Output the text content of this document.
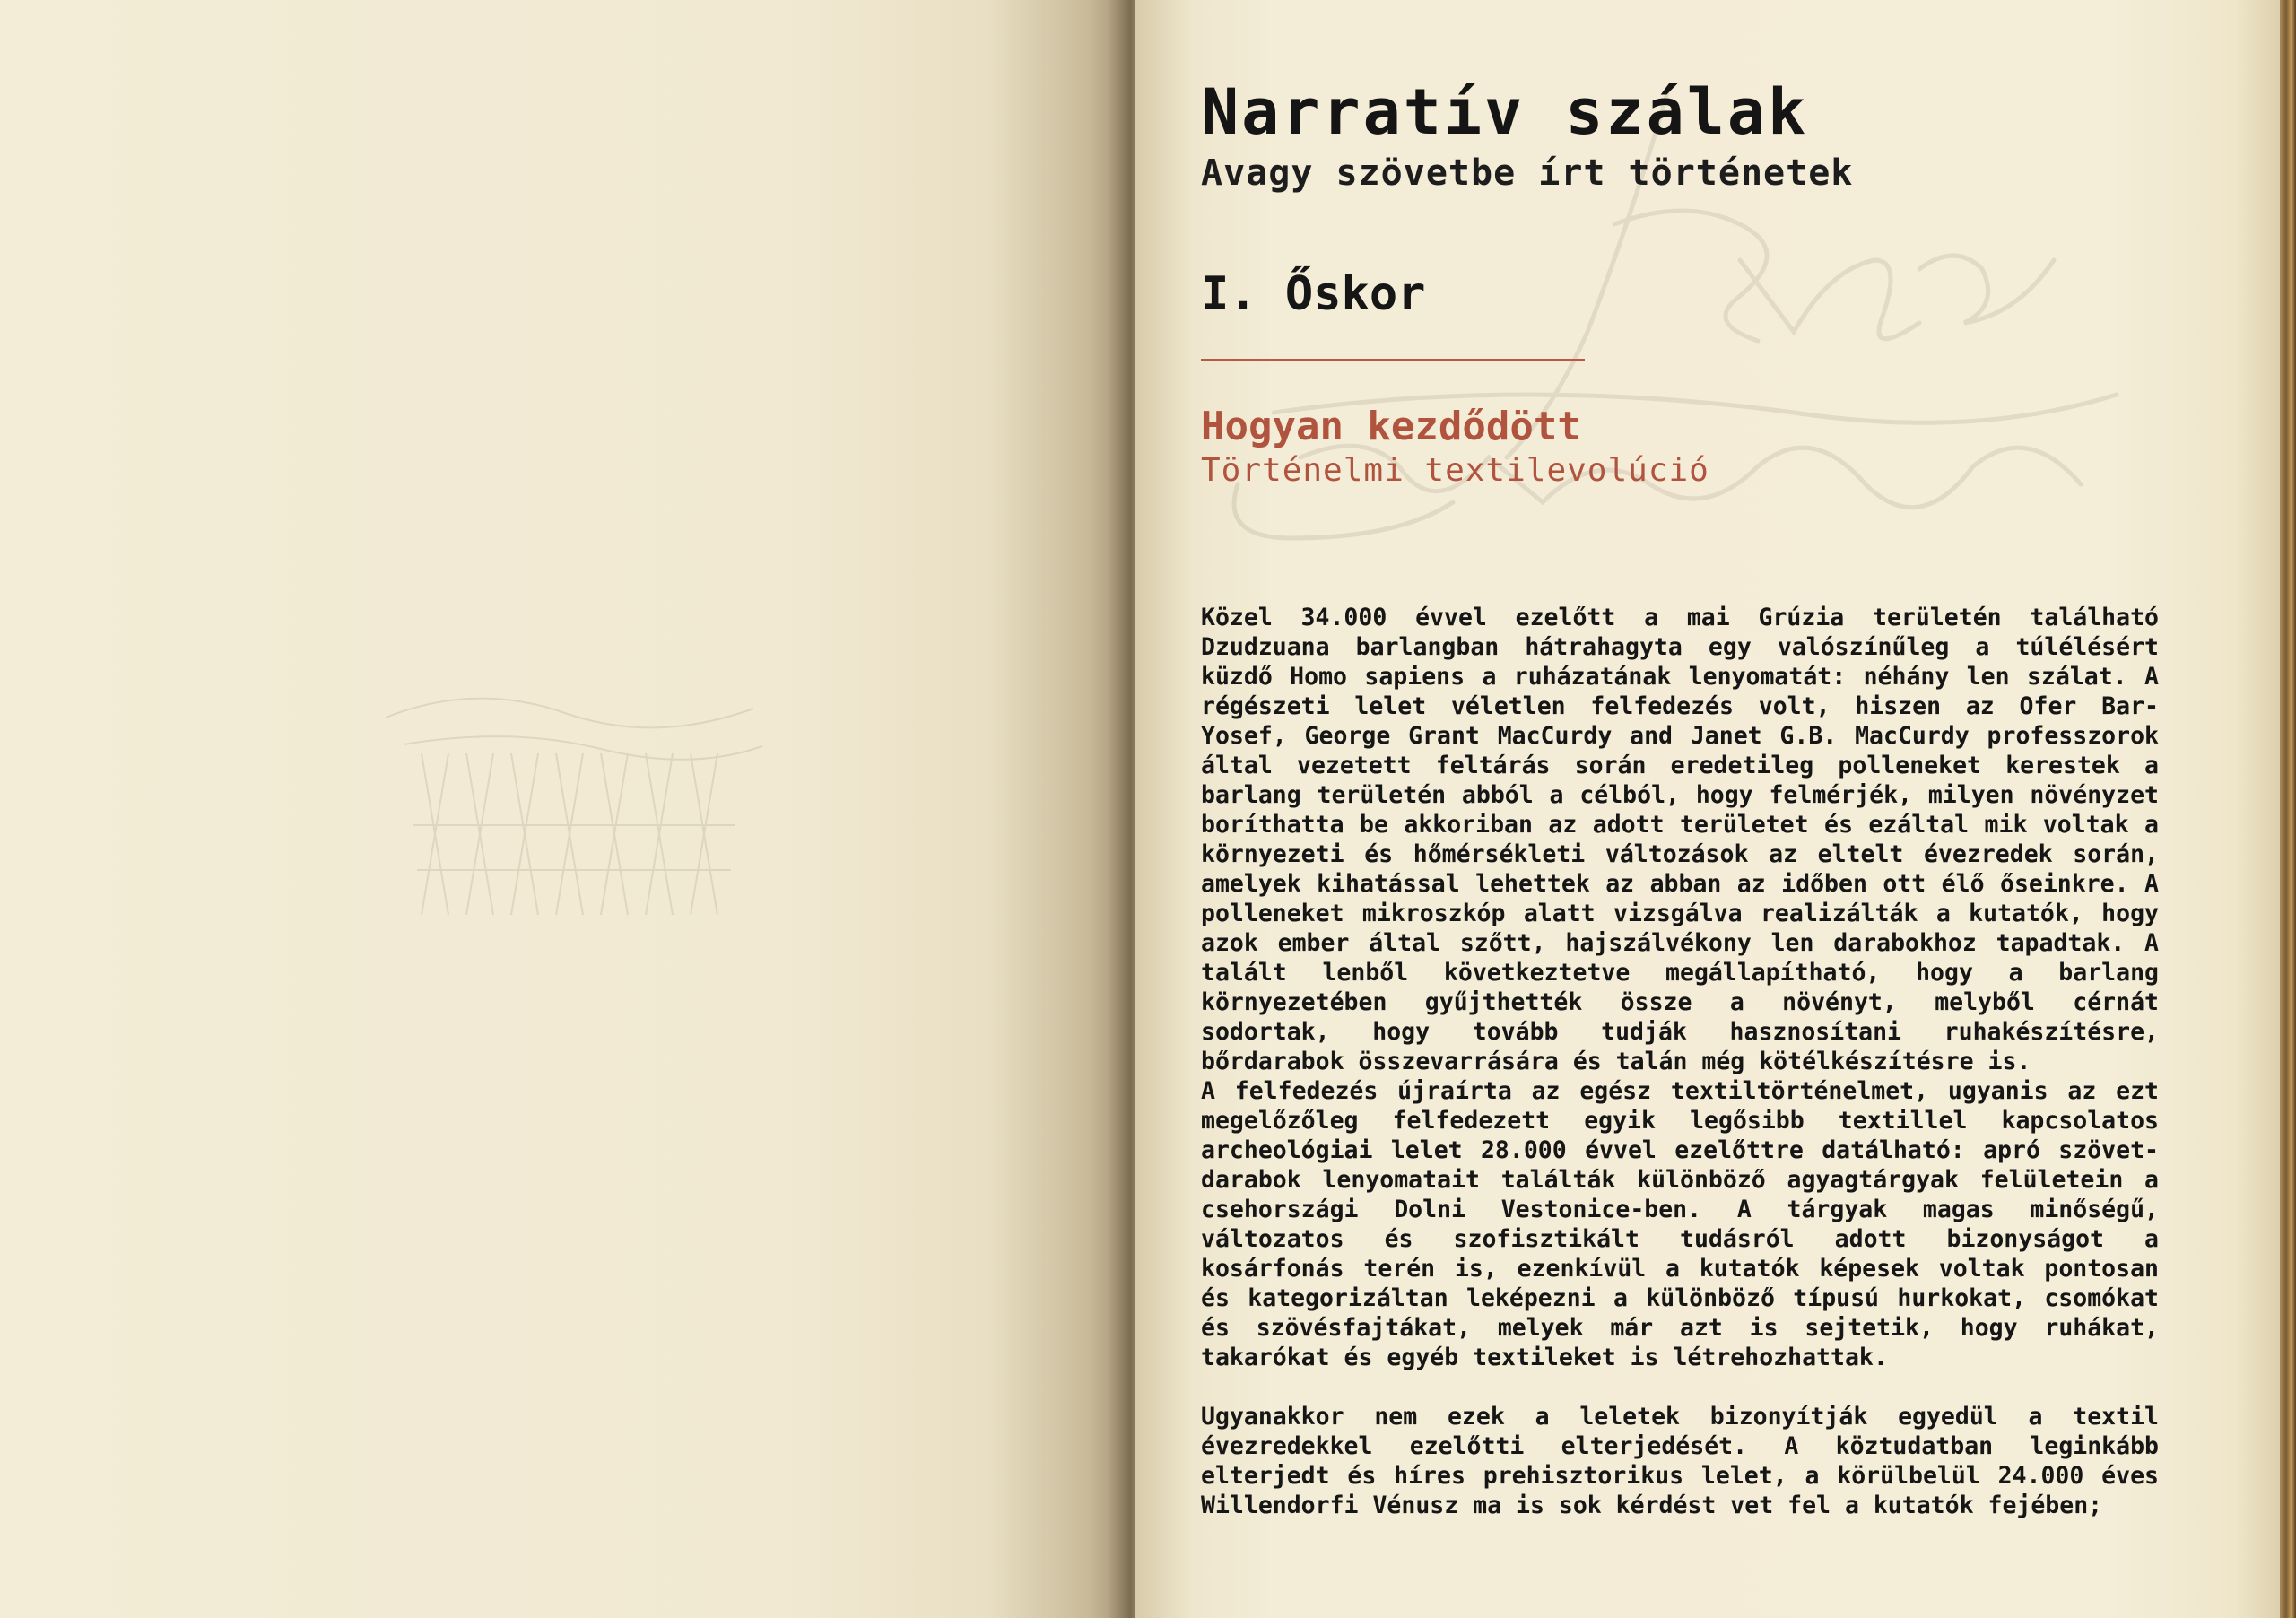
Narratív szálak
Avagy szövetbe írt történetek
I. Őskor
Hogyan kezdődött

Történelmi textilevolúció

Közel 34.000 évvel ezelőtt a mai Grúzia területén található Dzudzuana barlangban hátrahagyta egy valószínűleg a túlélésért küzdő Homo sapiens a ruházatának lenyomatát: néhány len szálat. A régészeti lelet véletlen felfedezés volt, hiszen az Ofer Bar-Yosef, George Grant MacCurdy and Janet G.B. MacCurdy professzorok által vezetett feltárás során eredetileg polleneket kerestek a barlang területén abból a célból, hogy felmérjék, milyen növényzet boríthatta be akkoriban az adott területet és ezáltal mik voltak a környezeti és hőmérsékleti változások az eltelt évezredek során, amelyek kihatással lehettek az abban az időben ott élő őseinkre. A polleneket mikroszkóp alatt vizsgálva realizálták a kutatók, hogy azok ember által szőtt, hajszálvékony len darabokhoz tapadtak. A talált lenből következtetve megállapítható, hogy a barlang környezetében gyűjthették össze a növényt, melyből cérnát sodortak, hogy tovább tudják hasznosítani ruhakészítésre, bőrdarabok összevarrására és talán még kötélkészítésre is.

A felfedezés újraírta az egész textiltörténelmet, ugyanis az ezt megelőzőleg felfedezett egyik legősibb textillel kapcsolatos archeológiai lelet 28.000 évvel ezelőttre datálható: apró szövet-darabok lenyomatait találták különböző agyagtárgyak felületein a csehországi Dolni Vestonice-ben. A tárgyak magas minőségű, változatos és szofisztikált tudásról adott bizonyságot a kosárfonás terén is, ezenkívül a kutatók képesek voltak pontosan és kategorizáltan leképezni a különböző típusú hurkokat, csomókat és szövésfajtákat, melyek már azt is sejtetik, hogy ruhákat, takarókat és egyéb textileket is létrehozhattak.

Ugyanakkor nem ezek a leletek bizonyítják egyedül a textil évezredekkel ezelőtti elterjedését. A köztudatban leginkább elterjedt és híres prehisztorikus lelet, a körülbelül 24.000 éves Willendorfi Vénusz ma is sok kérdést vet fel a kutatók fejében;
